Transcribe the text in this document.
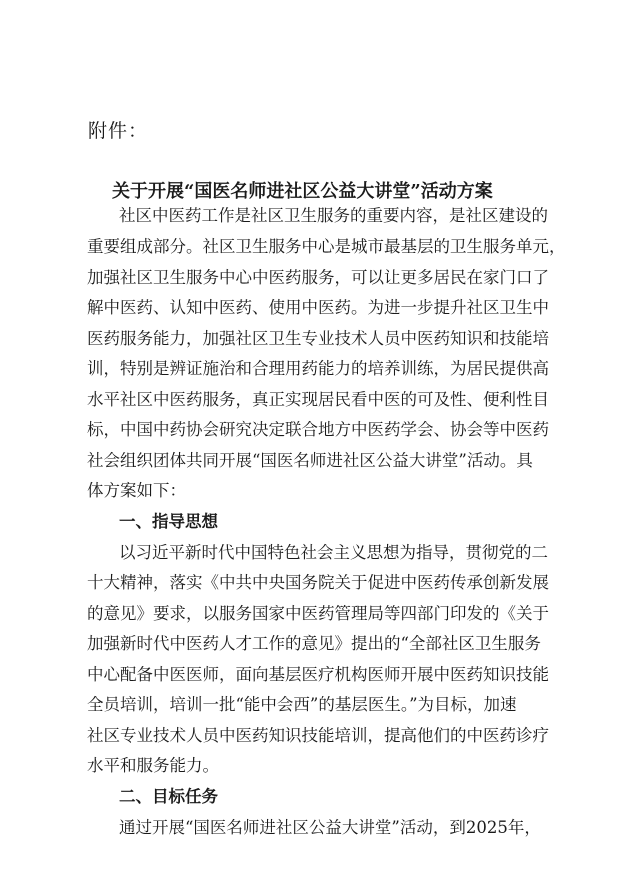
附件：
关于开展“国医名师进社区公益大讲堂”活动方案
社区中医药工作是社区卫生服务的重要内容，是社区建设的
重要组成部分。社区卫生服务中心是城市最基层的卫生服务单元，
加强社区卫生服务中心中医药服务，可以让更多居民在家门口了
解中医药、认知中医药、使用中医药。为进一步提升社区卫生中
医药服务能力，加强社区卫生专业技术人员中医药知识和技能培
训，特别是辨证施治和合理用药能力的培养训练，为居民提供高
水平社区中医药服务，真正实现居民看中医的可及性、便利性目
标，中国中药协会研究决定联合地方中医药学会、协会等中医药
社会组织团体共同开展“国医名师进社区公益大讲堂”活动。具
体方案如下：
一、指导思想
以习近平新时代中国特色社会主义思想为指导，贯彻党的二
十大精神，落实《中共中央国务院关于促进中医药传承创新发展
的意见》要求，以服务国家中医药管理局等四部门印发的《关于
加强新时代中医药人才工作的意见》提出的“全部社区卫生服务
中心配备中医医师，面向基层医疗机构医师开展中医药知识技能
全员培训，培训一批“能中会西”的基层医生。”为目标，加速
社区专业技术人员中医药知识技能培训，提高他们的中医药诊疗
水平和服务能力。
二、目标任务
通过开展“国医名师进社区公益大讲堂”活动，到2025年，
